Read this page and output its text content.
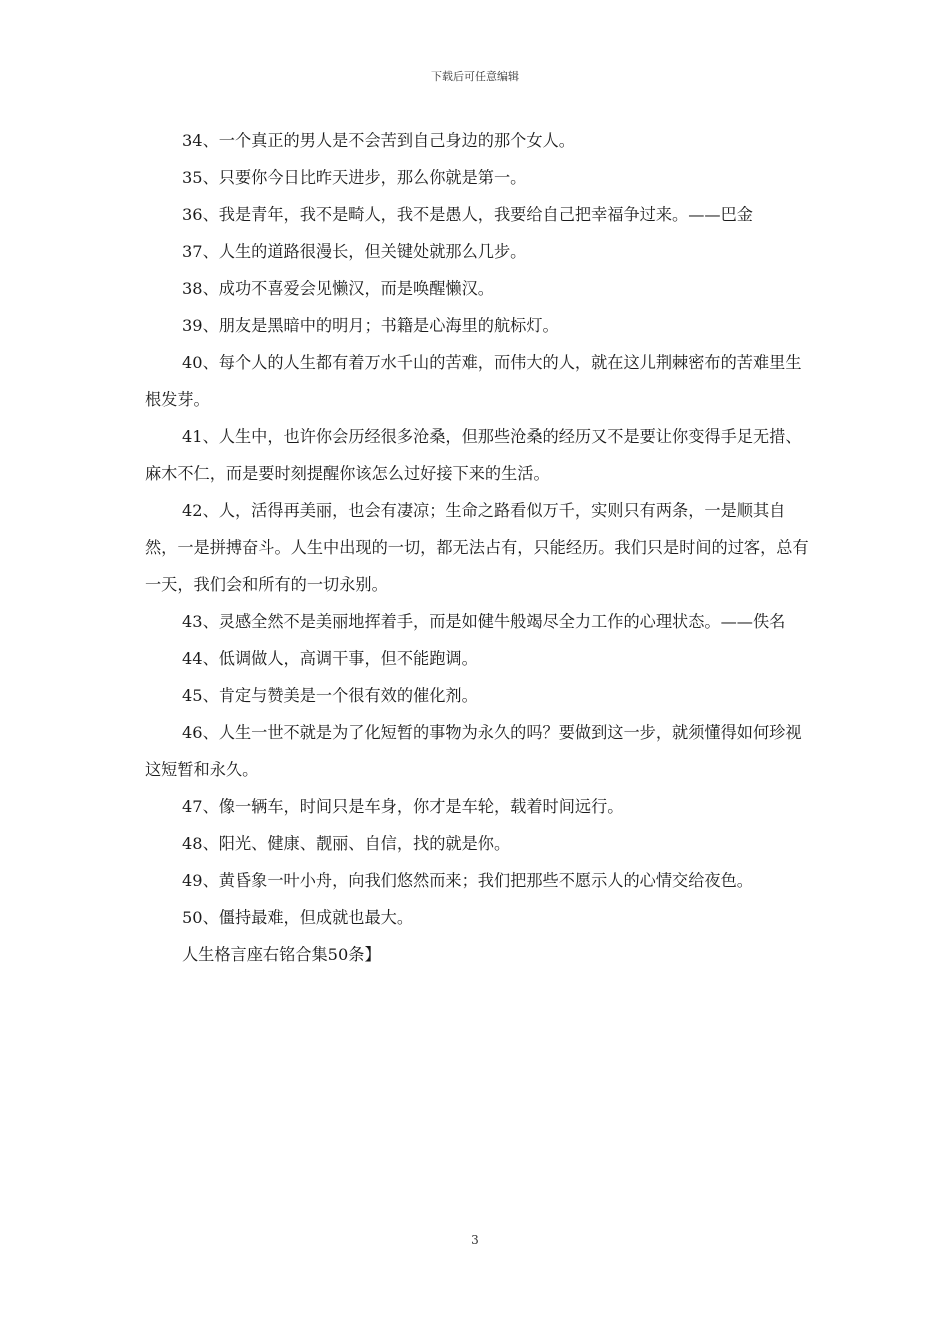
下载后可任意编辑

34、一个真正的男人是不会苦到自己身边的那个女人。

35、只要你今日比昨天进步，那么你就是第一。

36、我是青年，我不是畸人，我不是愚人，我要给自己把幸福争过来。——巴金

37、人生的道路很漫长，但关键处就那么几步。

38、成功不喜爱会见懒汉，而是唤醒懒汉。

39、朋友是黑暗中的明月；书籍是心海里的航标灯。

40、每个人的人生都有着万水千山的苦难，而伟大的人，就在这儿荆棘密布的苦难里生根发芽。

41、人生中，也许你会历经很多沧桑，但那些沧桑的经历又不是要让你变得手足无措、麻木不仁，而是要时刻提醒你该怎么过好接下来的生活。

42、人，活得再美丽，也会有凄凉；生命之路看似万千，实则只有两条，一是顺其自然，一是拼搏奋斗。人生中出现的一切，都无法占有，只能经历。我们只是时间的过客，总有一天，我们会和所有的一切永别。

43、灵感全然不是美丽地挥着手，而是如健牛般竭尽全力工作的心理状态。——佚名

44、低调做人，高调干事，但不能跑调。

45、肯定与赞美是一个很有效的催化剂。

46、人生一世不就是为了化短暂的事物为永久的吗？要做到这一步，就须懂得如何珍视这短暂和永久。

47、像一辆车，时间只是车身，你才是车轮，载着时间远行。

48、阳光、健康、靓丽、自信，找的就是你。

49、黄昏象一叶小舟，向我们悠然而来；我们把那些不愿示人的心情交给夜色。

50、僵持最难，但成就也最大。

人生格言座右铭合集50条】

3
